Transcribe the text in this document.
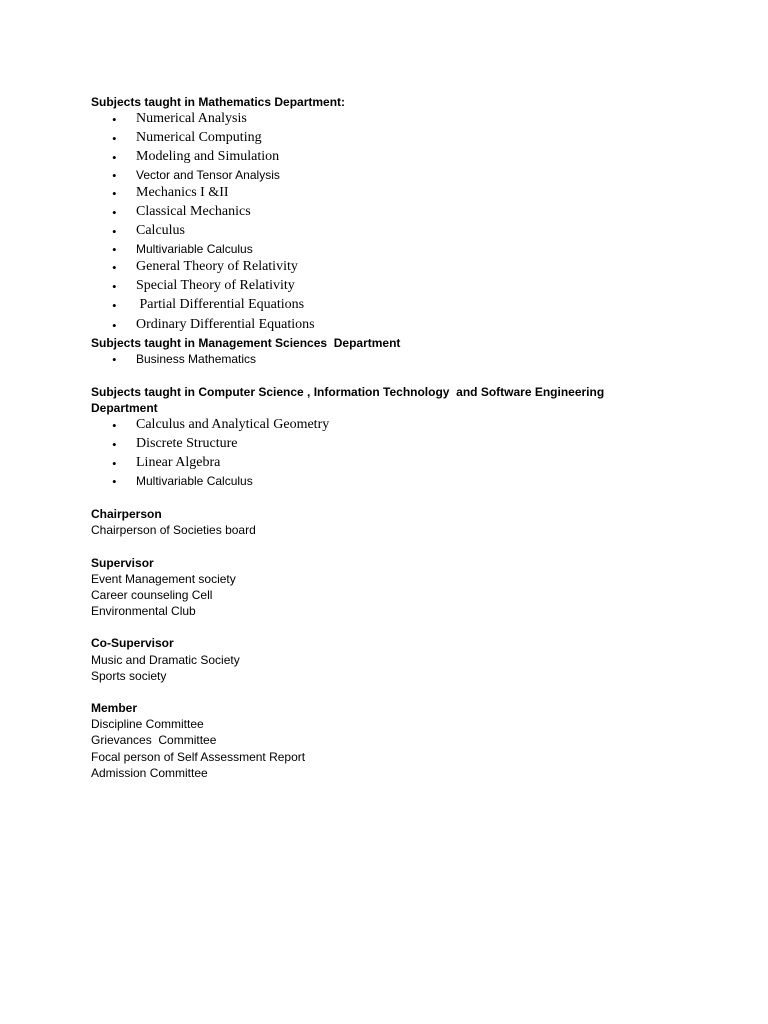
Subjects taught in Mathematics Department:
• Numerical Analysis
• Numerical Computing
• Modeling and Simulation
• Vector and Tensor Analysis
• Mechanics I &II
• Classical Mechanics
• Calculus
• Multivariable Calculus
• General Theory of Relativity
• Special Theory of Relativity
• Partial Differential Equations
• Ordinary Differential Equations
Subjects taught in Management Sciences  Department
• Business Mathematics
Subjects taught in Computer Science , Information Technology  and Software Engineering
Department
• Calculus and Analytical Geometry
• Discrete Structure
• Linear Algebra
• Multivariable Calculus
Chairperson
Chairperson of Societies board
Supervisor
Event Management society
Career counseling Cell
Environmental Club
Co-Supervisor
Music and Dramatic Society
Sports society
Member
Discipline Committee
Grievances  Committee
Focal person of Self Assessment Report
Admission Committee
